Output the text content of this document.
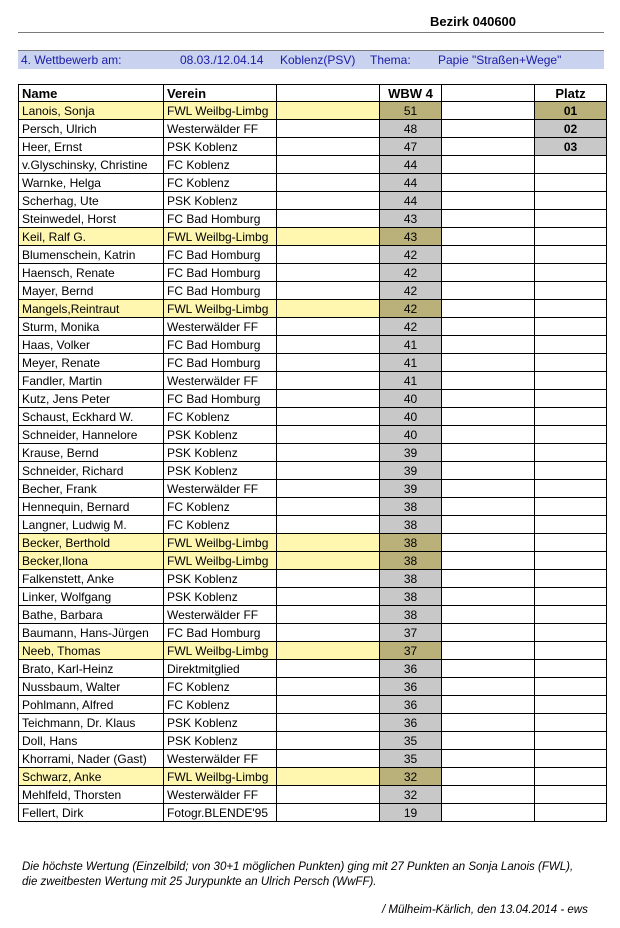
Bezirk 040600
4. Wettbewerb am:	08.03./12.04.14 Koblenz(PSV) Thema: Papie "Straßen+Wege"
Name	Verein		WBW 4		Platz
Lanois, Sonja	FWL Weilbg-Limbg		51		01
Persch, Ulrich	Westerwälder FF		48		02
Heer, Ernst	PSK Koblenz		47		03
v.Glyschinsky, Christine	FC Koblenz		44		
Warnke, Helga	FC Koblenz		44		
Scherhag, Ute	PSK Koblenz		44		
Steinwedel, Horst	FC Bad Homburg		43		
Keil, Ralf G.	FWL Weilbg-Limbg		43		
Blumenschein, Katrin	FC Bad Homburg		42		
Haensch, Renate	FC Bad Homburg		42		
Mayer, Bernd	FC Bad Homburg		42		
Mangels,Reintraut	FWL Weilbg-Limbg		42		
Sturm, Monika	Westerwälder FF		42		
Haas, Volker	FC Bad Homburg		41		
Meyer, Renate	FC Bad Homburg		41		
Fandler, Martin	Westerwälder FF		41		
Kutz, Jens Peter	FC Bad Homburg		40		
Schaust, Eckhard W.	FC Koblenz		40		
Schneider, Hannelore	PSK Koblenz		40		
Krause, Bernd	PSK Koblenz		39		
Schneider, Richard	PSK Koblenz		39		
Becher, Frank	Westerwälder FF		39		
Hennequin, Bernard	FC Koblenz		38		
Langner, Ludwig M.	FC Koblenz		38		
Becker, Berthold	FWL Weilbg-Limbg		38		
Becker,Ilona	FWL Weilbg-Limbg		38		
Falkenstett, Anke	PSK Koblenz		38		
Linker, Wolfgang	PSK Koblenz		38		
Bathe, Barbara	Westerwälder FF		38		
Baumann, Hans-Jürgen	FC Bad Homburg		37		
Neeb, Thomas	FWL Weilbg-Limbg		37		
Brato, Karl-Heinz	Direktmitglied		36		
Nussbaum, Walter	FC Koblenz		36		
Pohlmann, Alfred	FC Koblenz		36		
Teichmann, Dr. Klaus	PSK Koblenz		36		
Doll, Hans	PSK Koblenz		35		
Khorrami, Nader (Gast)	Westerwälder FF		35		
Schwarz, Anke	FWL Weilbg-Limbg		32		
Mehlfeld, Thorsten	Westerwälder FF		32		
Fellert, Dirk	Fotogr.BLENDE'95		19		
Die höchste Wertung (Einzelbild; von 30+1 möglichen Punkten) ging mit 27 Punkten an Sonja Lanois (FWL),
die zweitbesten Wertung mit 25 Jurypunkte an Ulrich Persch (WwFF).
/ Mülheim-Kärlich, den 13.04.2014 - ews
